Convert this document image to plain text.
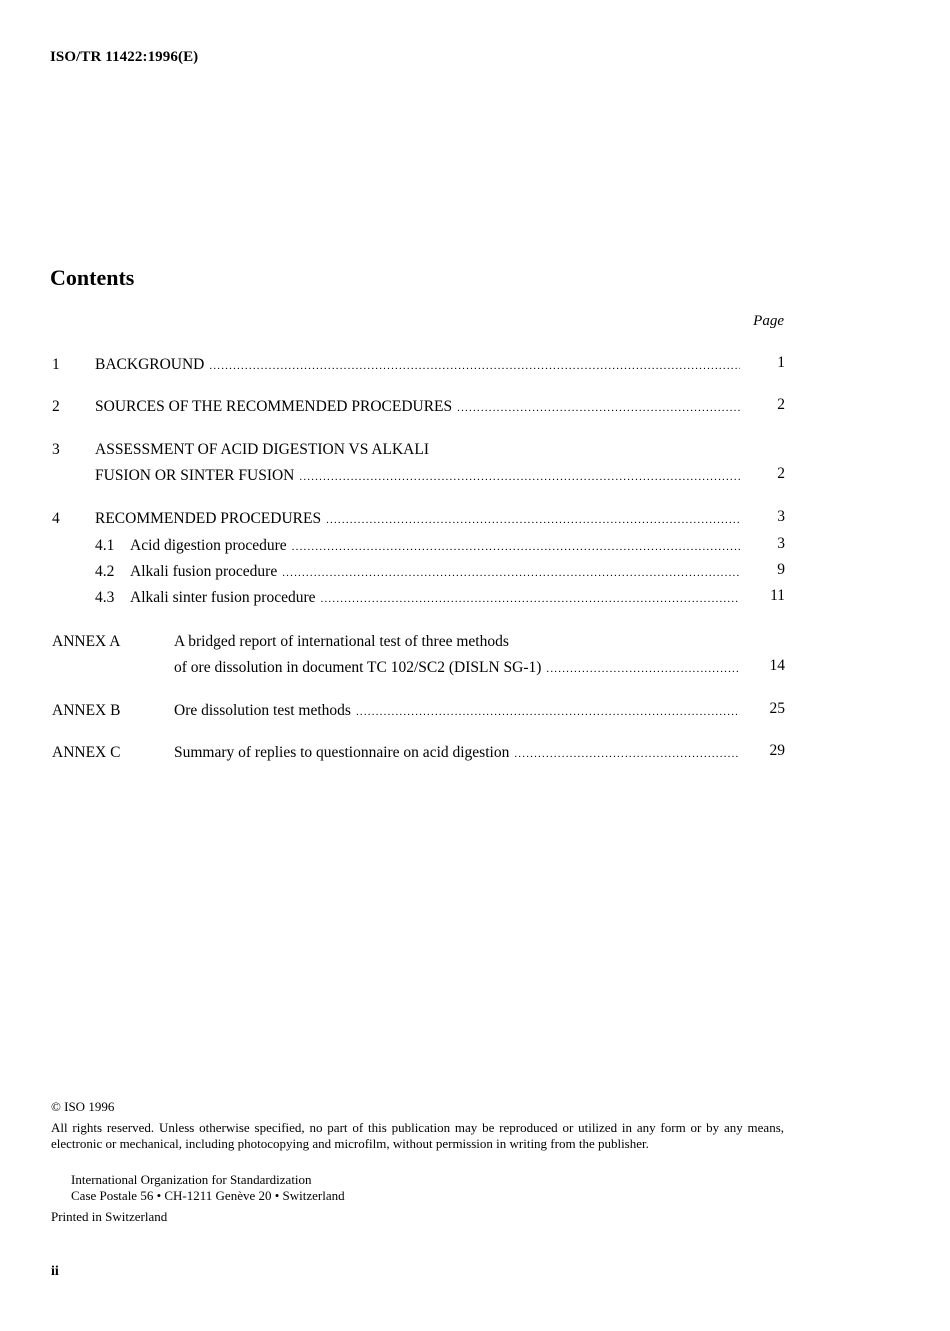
ISO/TR 11422:1996(E)
Contents
Page
1 BACKGROUND .....	1
2 SOURCES OF THE RECOMMENDED PROCEDURES .....	2
3 ASSESSMENT OF ACID DIGESTION VS ALKALI
FUSION OR SINTER FUSION .....	2
4 RECOMMENDED PROCEDURES .....	3
4.1 Acid digestion procedure .....	3
4.2 Alkali fusion procedure .....	9
4.3 Alkali sinter fusion procedure .....	11
ANNEX A	A bridged report of international test of three methods
of ore dissolution in document TC 102/SC2 (DISLN SG-1) .....	14
ANNEX B	Ore dissolution test methods .....	25
ANNEX C	Summary of replies to questionnaire on acid digestion .....	29
© ISO 1996
All rights reserved. Unless otherwise specified, no part of this publication may be reproduced or utilized in any form or by any means, electronic or mechanical, including photocopying and microfilm, without permission in writing from the publisher.
International Organization for Standardization
Case Postale 56 • CH-1211 Genève 20 • Switzerland
Printed in Switzerland
ii
